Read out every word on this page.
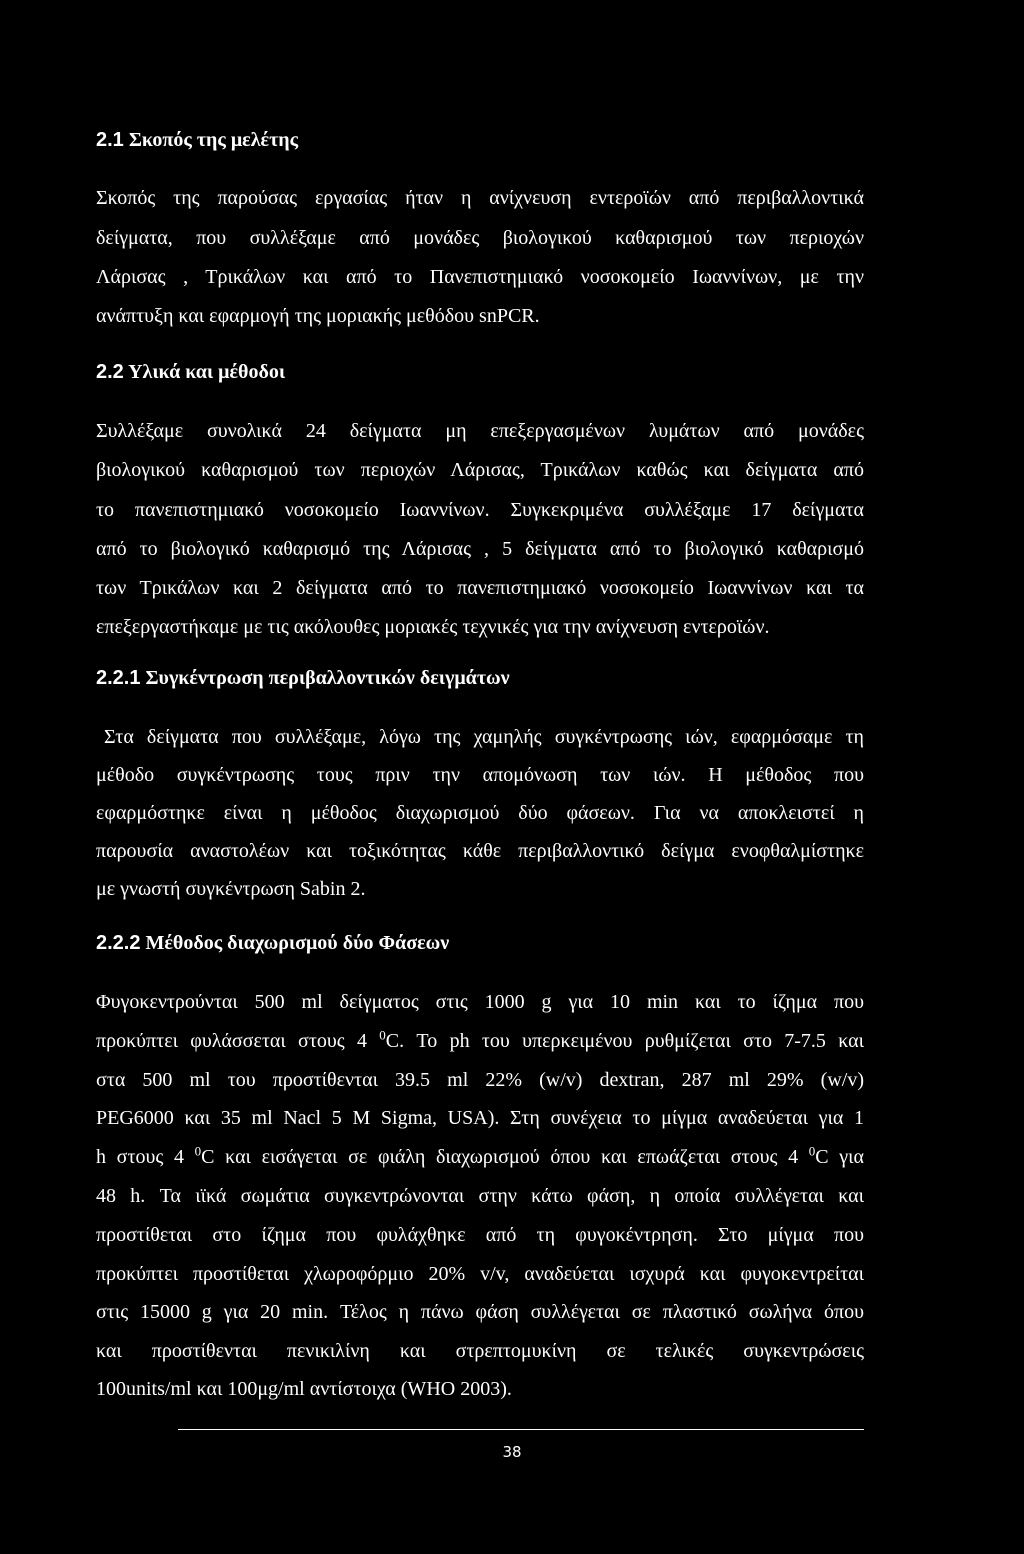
2.1 Σκοπός της μελέτης
Σκοπός της παρούσας εργασίας ήταν η ανίχνευση εντεροϊών από περιβαλλοντικά
δείγματα, που συλλέξαμε από μονάδες βιολογικού καθαρισμού των περιοχών
Λάρισας , Τρικάλων και από το Πανεπιστημιακό νοσοκομείο Ιωαννίνων, με την
ανάπτυξη και εφαρμογή της μοριακής μεθόδου snPCR.
2.2 Υλικά και μέθοδοι
Συλλέξαμε συνολικά 24 δείγματα μη επεξεργασμένων λυμάτων από μονάδες
βιολογικού καθαρισμού των περιοχών Λάρισας, Τρικάλων καθώς και δείγματα από
το πανεπιστημιακό νοσοκομείο Ιωαννίνων. Συγκεκριμένα συλλέξαμε 17 δείγματα
από το βιολογικό καθαρισμό της Λάρισας , 5 δείγματα από το βιολογικό καθαρισμό
των Τρικάλων και 2 δείγματα από το πανεπιστημιακό νοσοκομείο Ιωαννίνων και τα
επεξεργαστήκαμε με τις ακόλουθες μοριακές τεχνικές για την ανίχνευση εντεροϊών.
2.2.1 Συγκέντρωση περιβαλλοντικών δειγμάτων
Στα δείγματα που συλλέξαμε, λόγω της χαμηλής συγκέντρωσης ιών, εφαρμόσαμε τη
μέθοδο συγκέντρωσης τους πριν την απομόνωση των ιών. Η μέθοδος που
εφαρμόστηκε είναι η μέθοδος διαχωρισμού δύο φάσεων. Για να αποκλειστεί η
παρουσία αναστολέων και τοξικότητας κάθε περιβαλλοντικό δείγμα ενοφθαλμίστηκε
με γνωστή συγκέντρωση Sabin 2.
2.2.2 Μέθοδος διαχωρισμού δύο Φάσεων
Φυγοκεντρούνται 500 ml δείγματος στις 1000 g για 10 min και το ίζημα που
προκύπτει φυλάσσεται στους 4 $^0$C. Το ph του υπερκειμένου ρυθμίζεται στο 7-7.5 και
στα 500 ml του προστίθενται 39.5 ml 22% (w/v) dextran, 287 ml 29% (w/v)
PEG6000 και 35 ml Nacl 5 M Sigma, USA). Στη συνέχεια το μίγμα αναδεύεται για 1
h στους 4 $^0$C και εισάγεται σε φιάλη διαχωρισμού όπου και επωάζεται στους 4 $^0$C για
48 h. Τα ιϊκά σωμάτια συγκεντρώνονται στην κάτω φάση, η οποία συλλέγεται και
προστίθεται στο ίζημα που φυλάχθηκε από τη φυγοκέντρηση. Στο μίγμα που
προκύπτει προστίθεται χλωροφόρμιο 20% v/v, αναδεύεται ισχυρά και φυγοκεντρείται
στις 15000 g για 20 min. Τέλος η πάνω φάση συλλέγεται σε πλαστικό σωλήνα όπου
και προστίθενται πενικιλίνη και στρεπτομυκίνη σε τελικές συγκεντρώσεις
100units/ml και 100μg/ml αντίστοιχα (WHO 2003).
38
